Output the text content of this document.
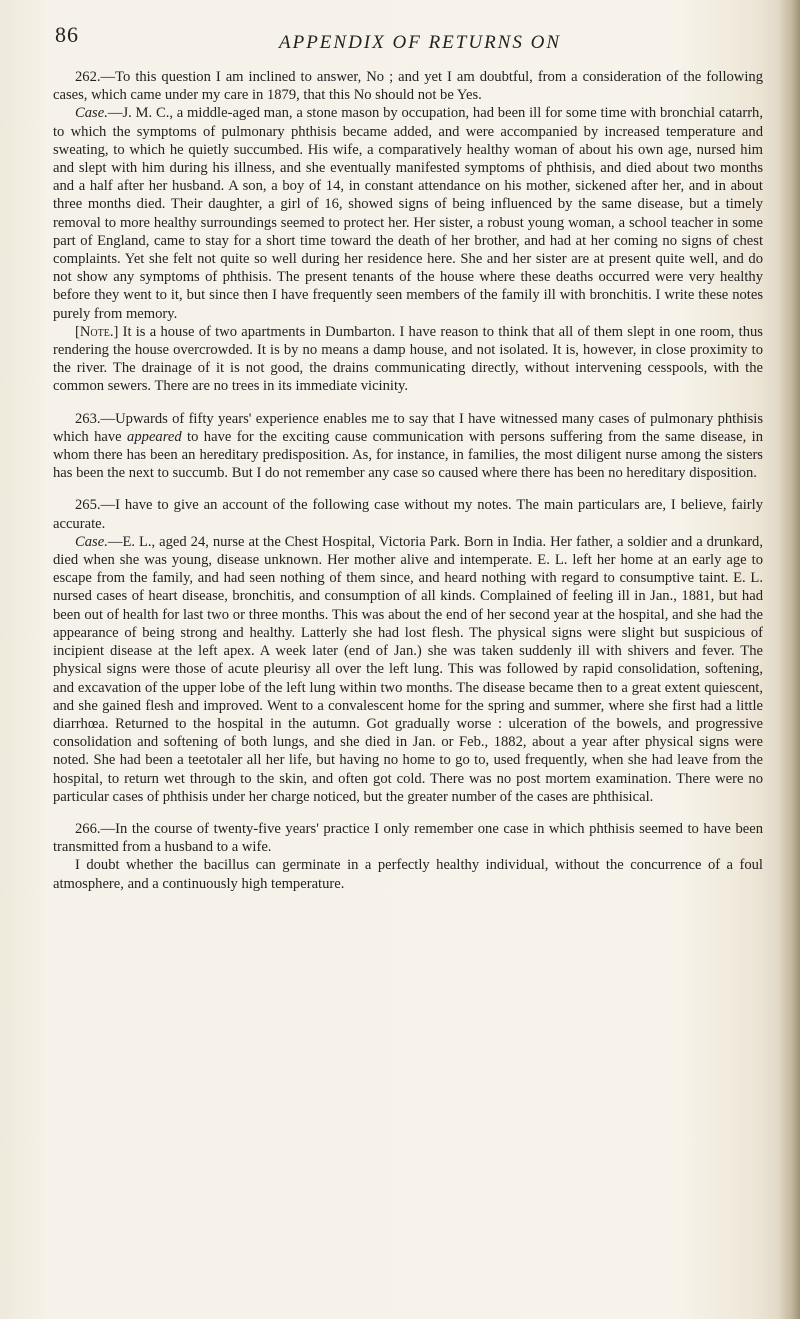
86	APPENDIX OF RETURNS ON

262.—To this question I am inclined to answer, No ; and yet I am doubtful, from a consideration of the following cases, which came under my care in 1879, that this No should not be Yes.

Case.—J. M. C., a middle-aged man, a stone mason by occupation, had been ill for some time with bronchial catarrh, to which the symptoms of pulmonary phthisis became added, and were accompanied by increased temperature and sweating, to which he quietly succumbed. His wife, a comparatively healthy woman of about his own age, nursed him and slept with him during his illness, and she eventually manifested symptoms of phthisis, and died about two months and a half after her husband. A son, a boy of 14, in constant attendance on his mother, sickened after her, and in about three months died. Their daughter, a girl of 16, showed signs of being influenced by the same disease, but a timely removal to more healthy surroundings seemed to protect her. Her sister, a robust young woman, a school teacher in some part of England, came to stay for a short time toward the death of her brother, and had at her coming no signs of chest complaints. Yet she felt not quite so well during her residence here. She and her sister are at present quite well, and do not show any symptoms of phthisis. The present tenants of the house where these deaths occurred were very healthy before they went to it, but since then I have frequently seen members of the family ill with bronchitis. I write these notes purely from memory.

[Note.] It is a house of two apartments in Dumbarton. I have reason to think that all of them slept in one room, thus rendering the house overcrowded. It is by no means a damp house, and not isolated. It is, however, in close proximity to the river. The drainage of it is not good, the drains communicating directly, without intervening cesspools, with the common sewers. There are no trees in its immediate vicinity.

263.—Upwards of fifty years' experience enables me to say that I have witnessed many cases of pulmonary phthisis which have appeared to have for the exciting cause communication with persons suffering from the same disease, in whom there has been an hereditary predisposition. As, for instance, in families, the most diligent nurse among the sisters has been the next to succumb. But I do not remember any case so caused where there has been no hereditary disposition.

265.—I have to give an account of the following case without my notes. The main particulars are, I believe, fairly accurate.

Case.—E. L., aged 24, nurse at the Chest Hospital, Victoria Park. Born in India. Her father, a soldier and a drunkard, died when she was young, disease unknown. Her mother alive and intemperate. E. L. left her home at an early age to escape from the family, and had seen nothing of them since, and heard nothing with regard to consumptive taint. E. L. nursed cases of heart disease, bronchitis, and consumption of all kinds. Complained of feeling ill in Jan., 1881, but had been out of health for last two or three months. This was about the end of her second year at the hospital, and she had the appearance of being strong and healthy. Latterly she had lost flesh. The physical signs were slight but suspicious of incipient disease at the left apex. A week later (end of Jan.) she was taken suddenly ill with shivers and fever. The physical signs were those of acute pleurisy all over the left lung. This was followed by rapid consolidation, softening, and excavation of the upper lobe of the left lung within two months. The disease became then to a great extent quiescent, and she gained flesh and improved. Went to a convalescent home for the spring and summer, where she first had a little diarrhœa. Returned to the hospital in the autumn. Got gradually worse : ulceration of the bowels, and progressive consolidation and softening of both lungs, and she died in Jan. or Feb., 1882, about a year after physical signs were noted. She had been a teetotaler all her life, but having no home to go to, used frequently, when she had leave from the hospital, to return wet through to the skin, and often got cold. There was no post mortem examination. There were no particular cases of phthisis under her charge noticed, but the greater number of the cases are phthisical.

266.—In the course of twenty-five years' practice I only remember one case in which phthisis seemed to have been transmitted from a husband to a wife.

I doubt whether the bacillus can germinate in a perfectly healthy individual, without the concurrence of a foul atmosphere, and a continuously high temperature.
